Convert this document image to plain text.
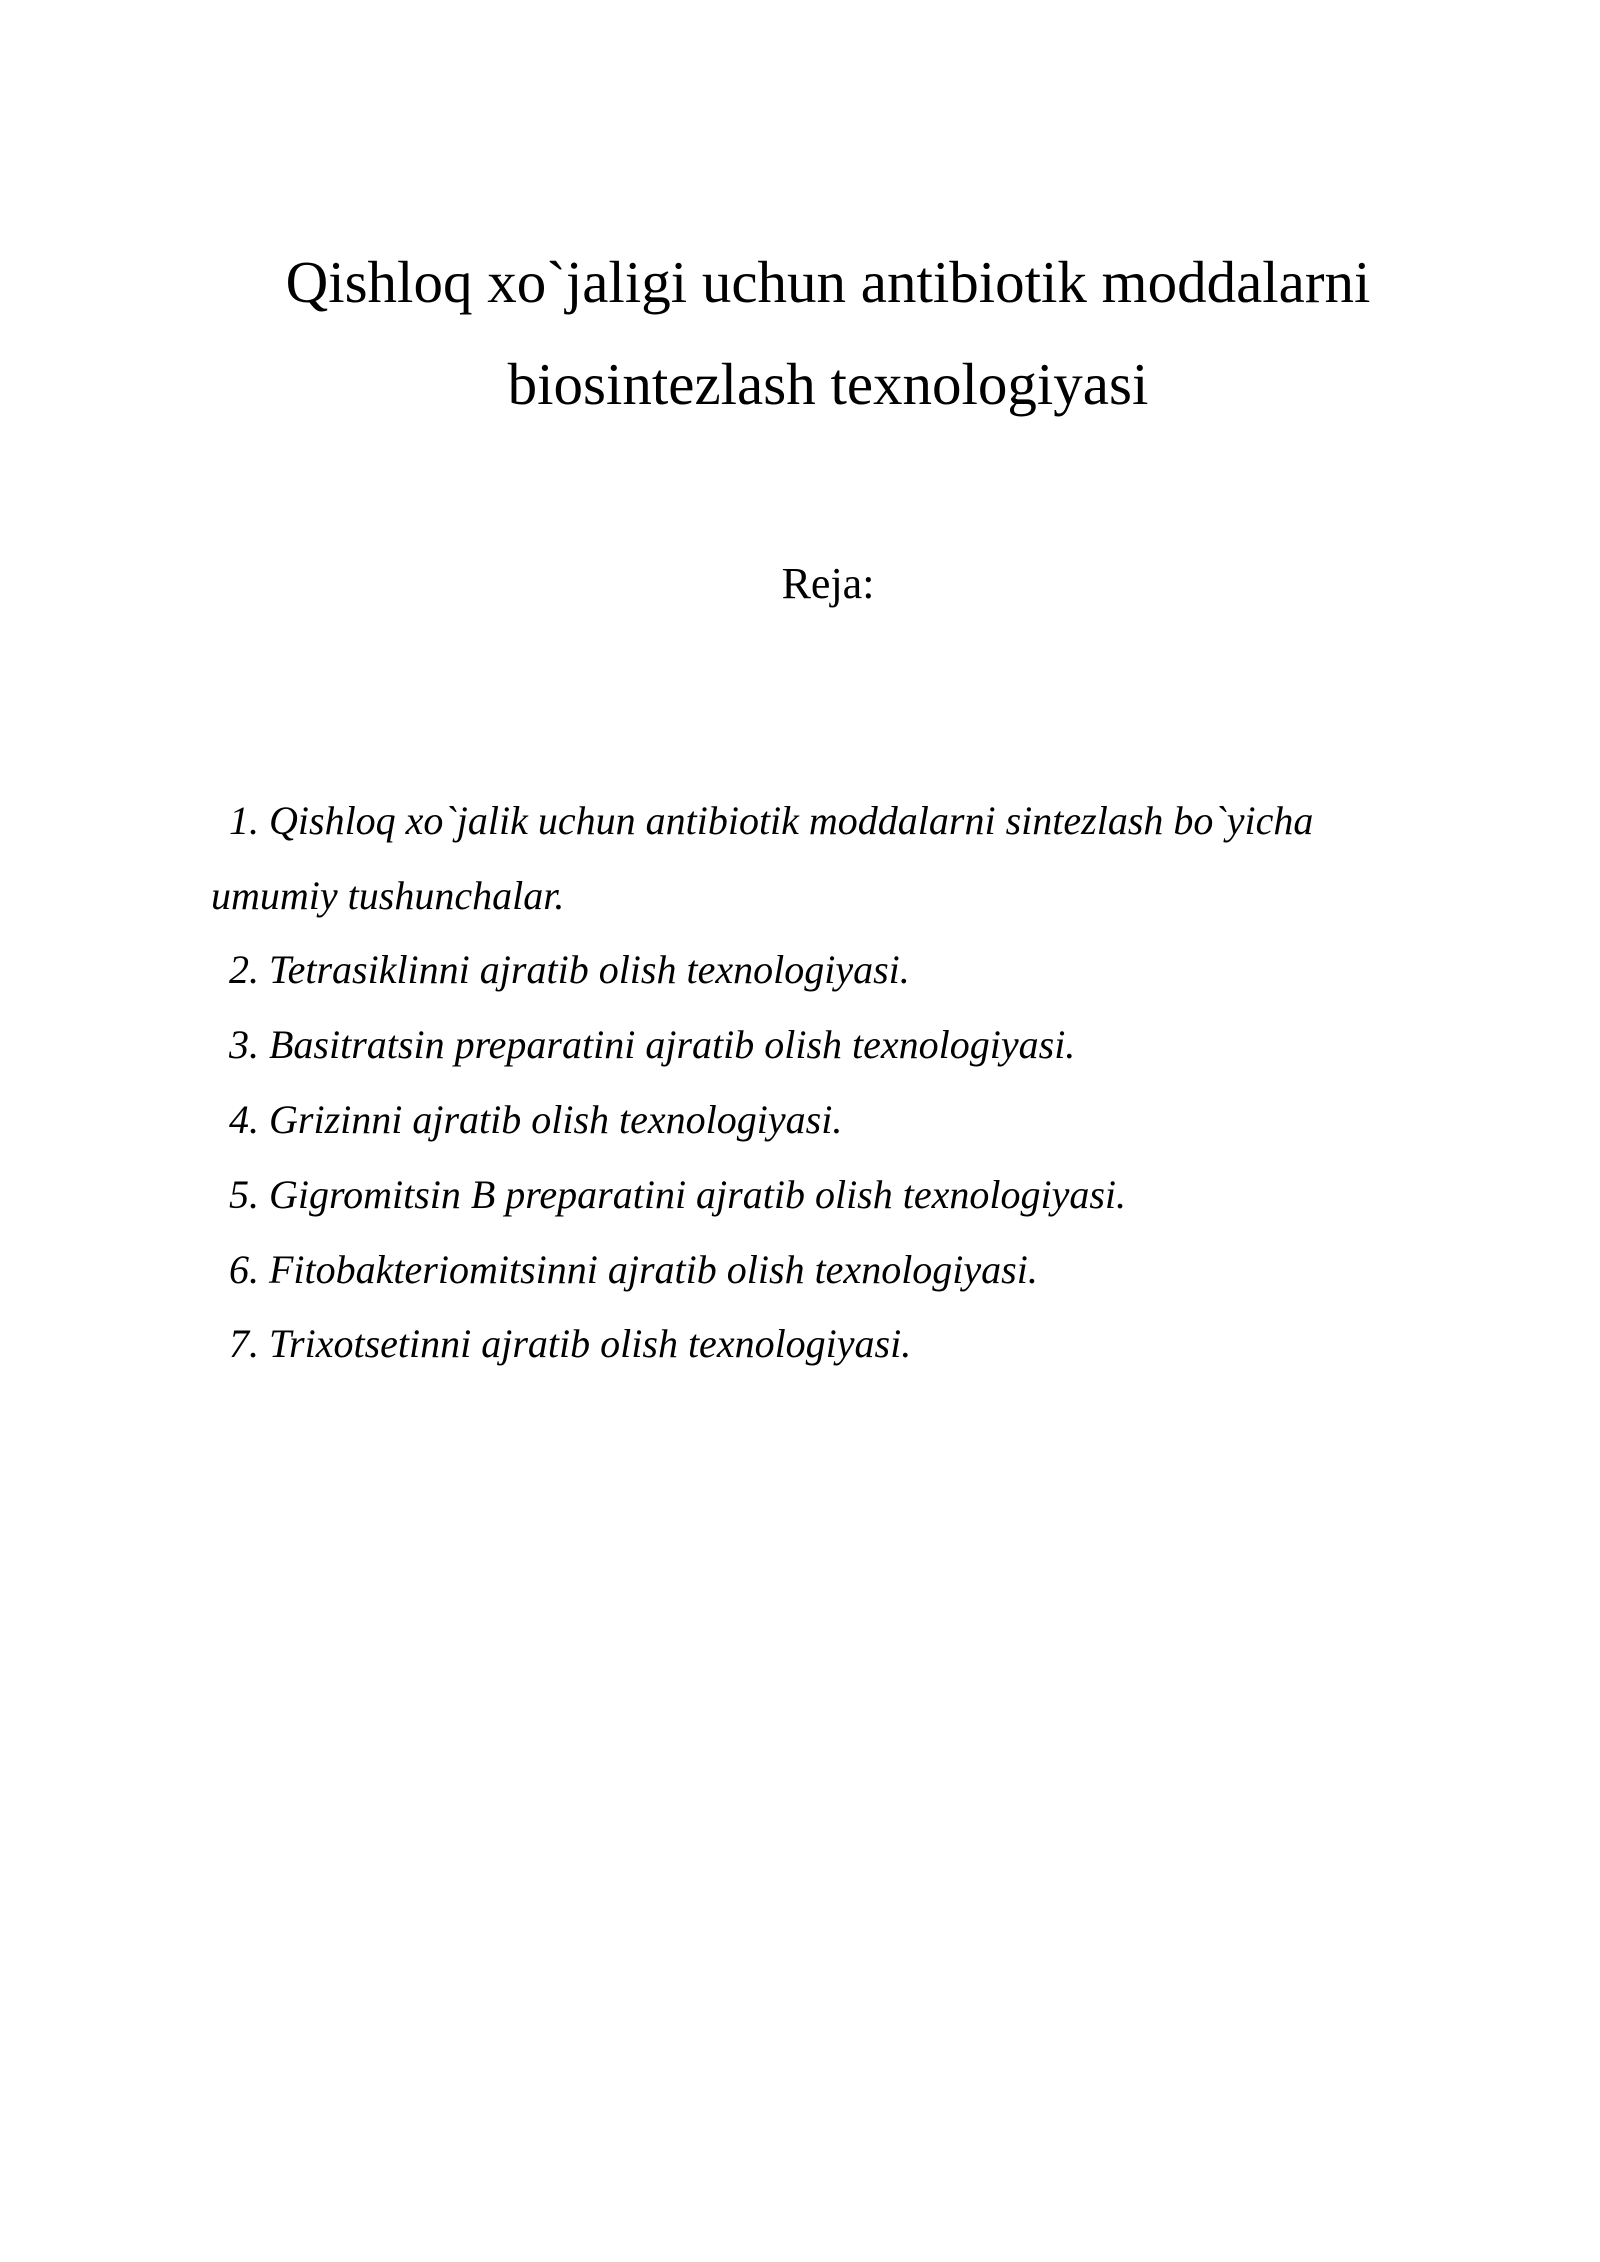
Qishloq xo`jaligi uchun antibiotik moddalarni
biosintezlash texnologiyasi
Reja:
1. Qishloq xo`jalik uchun antibiotik moddalarni sintezlash bo`yicha
umumiy tushunchalar.
2. Tetrasiklinni ajratib olish texnologiyasi.
3. Basitratsin preparatini ajratib olish texnologiyasi.
4. Grizinni ajratib olish texnologiyasi.
5. Gigromitsin B preparatini ajratib olish texnologiyasi.
6. Fitobakteriomitsinni ajratib olish texnologiyasi.
7. Trixotsetinni ajratib olish texnologiyasi.
